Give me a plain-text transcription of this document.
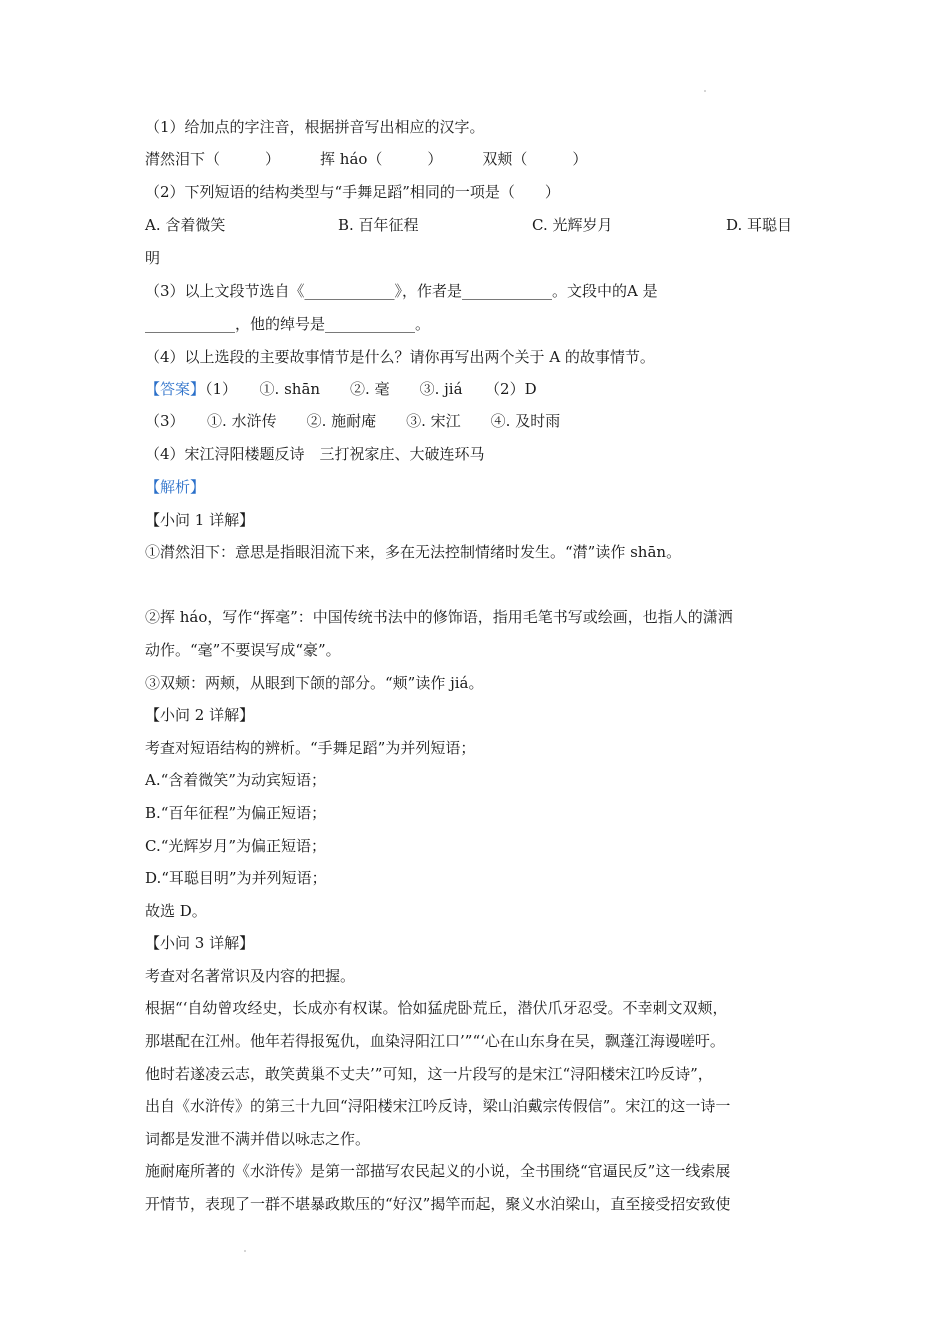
（1）给加点的字注音，根据拼音写出相应的汉字。
潸然泪下（　　　）	挥 háo（　　　）	双颊（　　　）
（2）下列短语的结构类型与“手舞足蹈”相同的一项是（　　）
A. 含着微笑	B. 百年征程	C. 光辉岁月	D. 耳聪目
明
（3）以上文段节选自《____________》，作者是____________。文段中的A 是
____________，他的绰号是____________。
（4）以上选段的主要故事情节是什么？请你再写出两个关于 A 的故事情节。
【答案】（1）　　①. shān　　②. 毫　　③. jiá　　（2）D
（3）　　①. 水浒传　　②. 施耐庵　　③. 宋江　　④. 及时雨
（4）宋江浔阳楼题反诗　三打祝家庄、大破连环马
【解析】
【小问 1 详解】
①潸然泪下：意思是指眼泪流下来，多在无法控制情绪时发生。“潸”读作 shān。
②挥 háo，写作“挥毫”：中国传统书法中的修饰语，指用毛笔书写或绘画，也指人的潇洒
动作。“毫”不要误写成“豪”。
③双颊：两颊，从眼到下颌的部分。“颊”读作 jiá。
【小问 2 详解】
考查对短语结构的辨析。“手舞足蹈”为并列短语；
A.“含着微笑”为动宾短语；
B.“百年征程”为偏正短语；
C.“光辉岁月”为偏正短语；
D.“耳聪目明”为并列短语；
故选 D。
【小问 3 详解】
考查对名著常识及内容的把握。
根据“‘自幼曾攻经史，长成亦有权谋。恰如猛虎卧荒丘，潜伏爪牙忍受。不幸刺文双颊，
那堪配在江州。他年若得报冤仇，血染浔阳江口’”“‘心在山东身在吴，飘蓬江海谩嗟吁。
他时若遂凌云志，敢笑黄巢不丈夫’”可知，这一片段写的是宋江“浔阳楼宋江吟反诗”，
出自《水浒传》的第三十九回“浔阳楼宋江吟反诗，梁山泊戴宗传假信”。宋江的这一诗一
词都是发泄不满并借以咏志之作。
施耐庵所著的《水浒传》是第一部描写农民起义的小说，全书围绕“官逼民反”这一线索展
开情节，表现了一群不堪暴政欺压的“好汉”揭竿而起，聚义水泊梁山，直至接受招安致使
